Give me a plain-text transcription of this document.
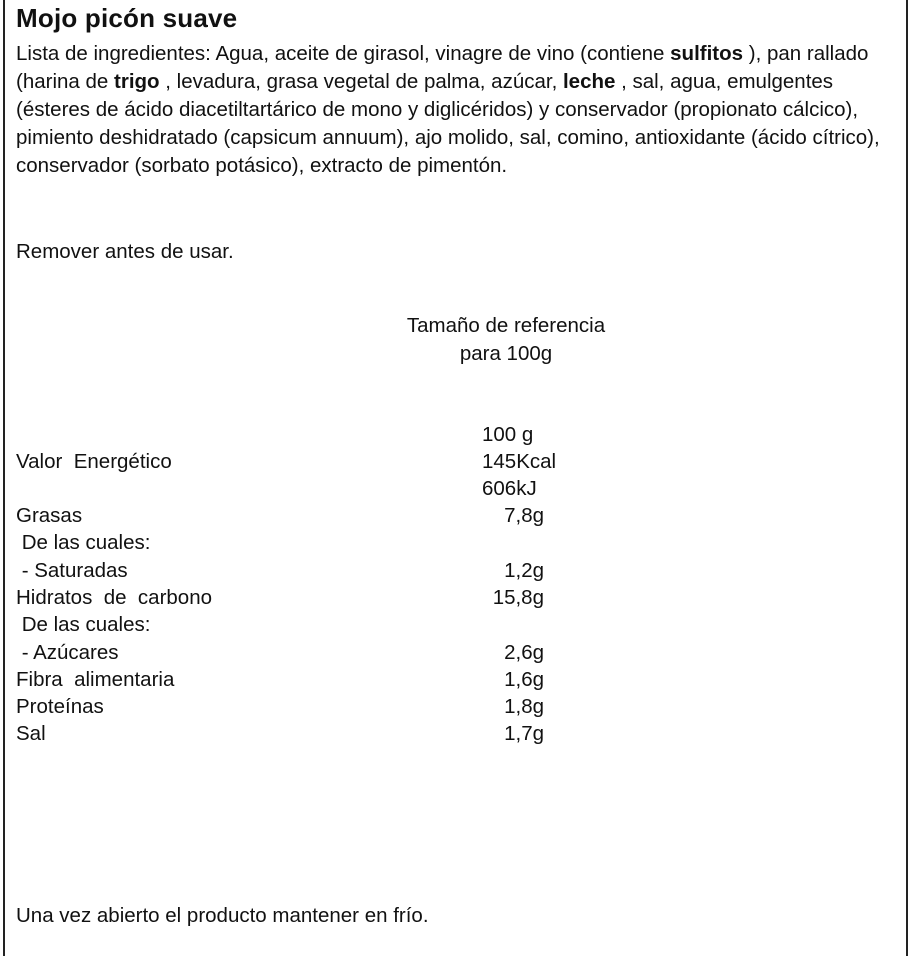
Mojo picón suave
Lista de ingredientes: Agua, aceite de girasol, vinagre de vino (contiene sulfitos ), pan rallado (harina de trigo , levadura, grasa vegetal de palma, azúcar, leche , sal, agua, emulgentes (ésteres de ácido diacetiltartárico de mono y diglicéridos) y conservador (propionato cálcico), pimiento deshidratado (capsicum annuum), ajo molido, sal, comino, antioxidante (ácido cítrico), conservador (sorbato potásico), extracto de pimentón.
Remover antes de usar.
Tamaño de referencia
para 100g
100 g
Valor  Energético	145Kcal
606kJ
Grasas	7,8g
De las cuales:
- Saturadas	1,2g
Hidratos  de  carbono	15,8g
De las cuales:
- Azúcares	2,6g
Fibra  alimentaria	1,6g
Proteínas	1,8g
Sal	1,7g
Una vez abierto el producto mantener en frío.
